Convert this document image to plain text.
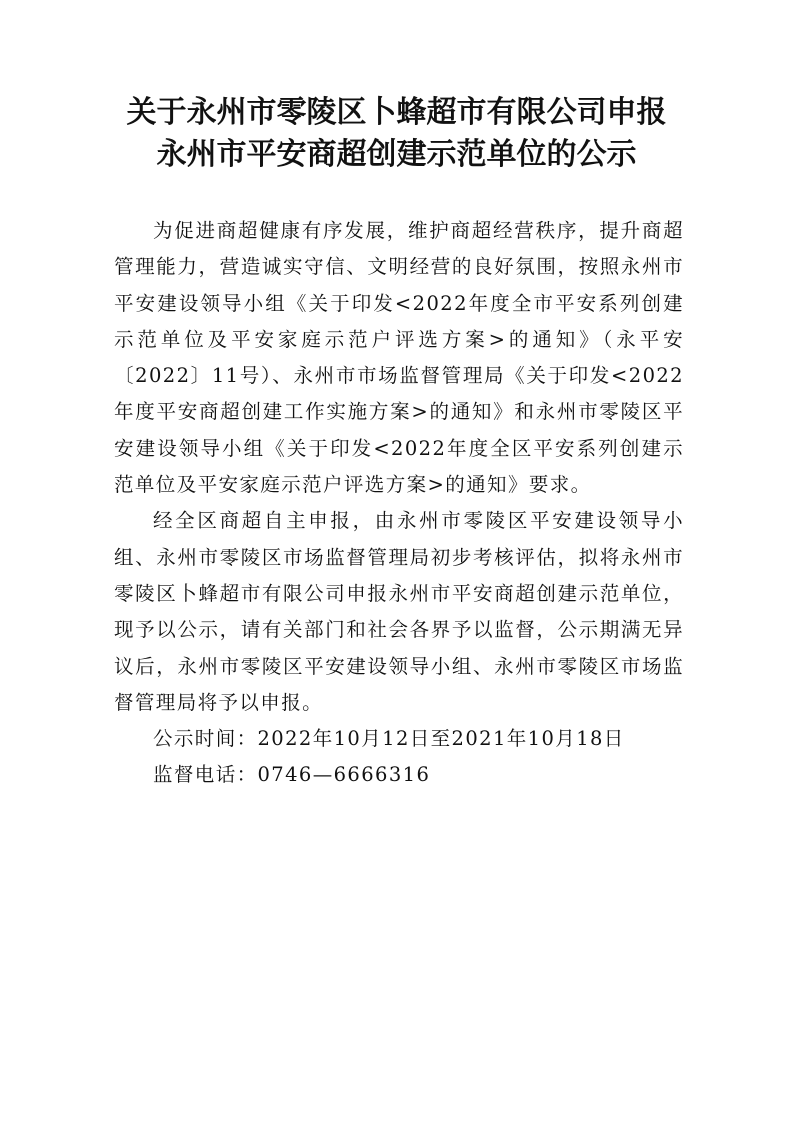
关于永州市零陵区卜蜂超市有限公司申报
永州市平安商超创建示范单位的公示

为促进商超健康有序发展，维护商超经营秩序，提升商超管理能力，营造诚实守信、文明经营的良好氛围，按照永州市平安建设领导小组《关于印发<2022年度全市平安系列创建示范单位及平安家庭示范户评选方案>的通知》（永平安〔2022〕11号）、永州市市场监督管理局《关于印发<2022年度平安商超创建工作实施方案>的通知》和永州市零陵区平安建设领导小组《关于印发<2022年度全区平安系列创建示范单位及平安家庭示范户评选方案>的通知》要求。

经全区商超自主申报，由永州市零陵区平安建设领导小组、永州市零陵区市场监督管理局初步考核评估，拟将永州市零陵区卜蜂超市有限公司申报永州市平安商超创建示范单位，现予以公示，请有关部门和社会各界予以监督，公示期满无异议后，永州市零陵区平安建设领导小组、永州市零陵区市场监督管理局将予以申报。

公示时间：2022年10月12日至2021年10月18日

监督电话：0746—6666316
